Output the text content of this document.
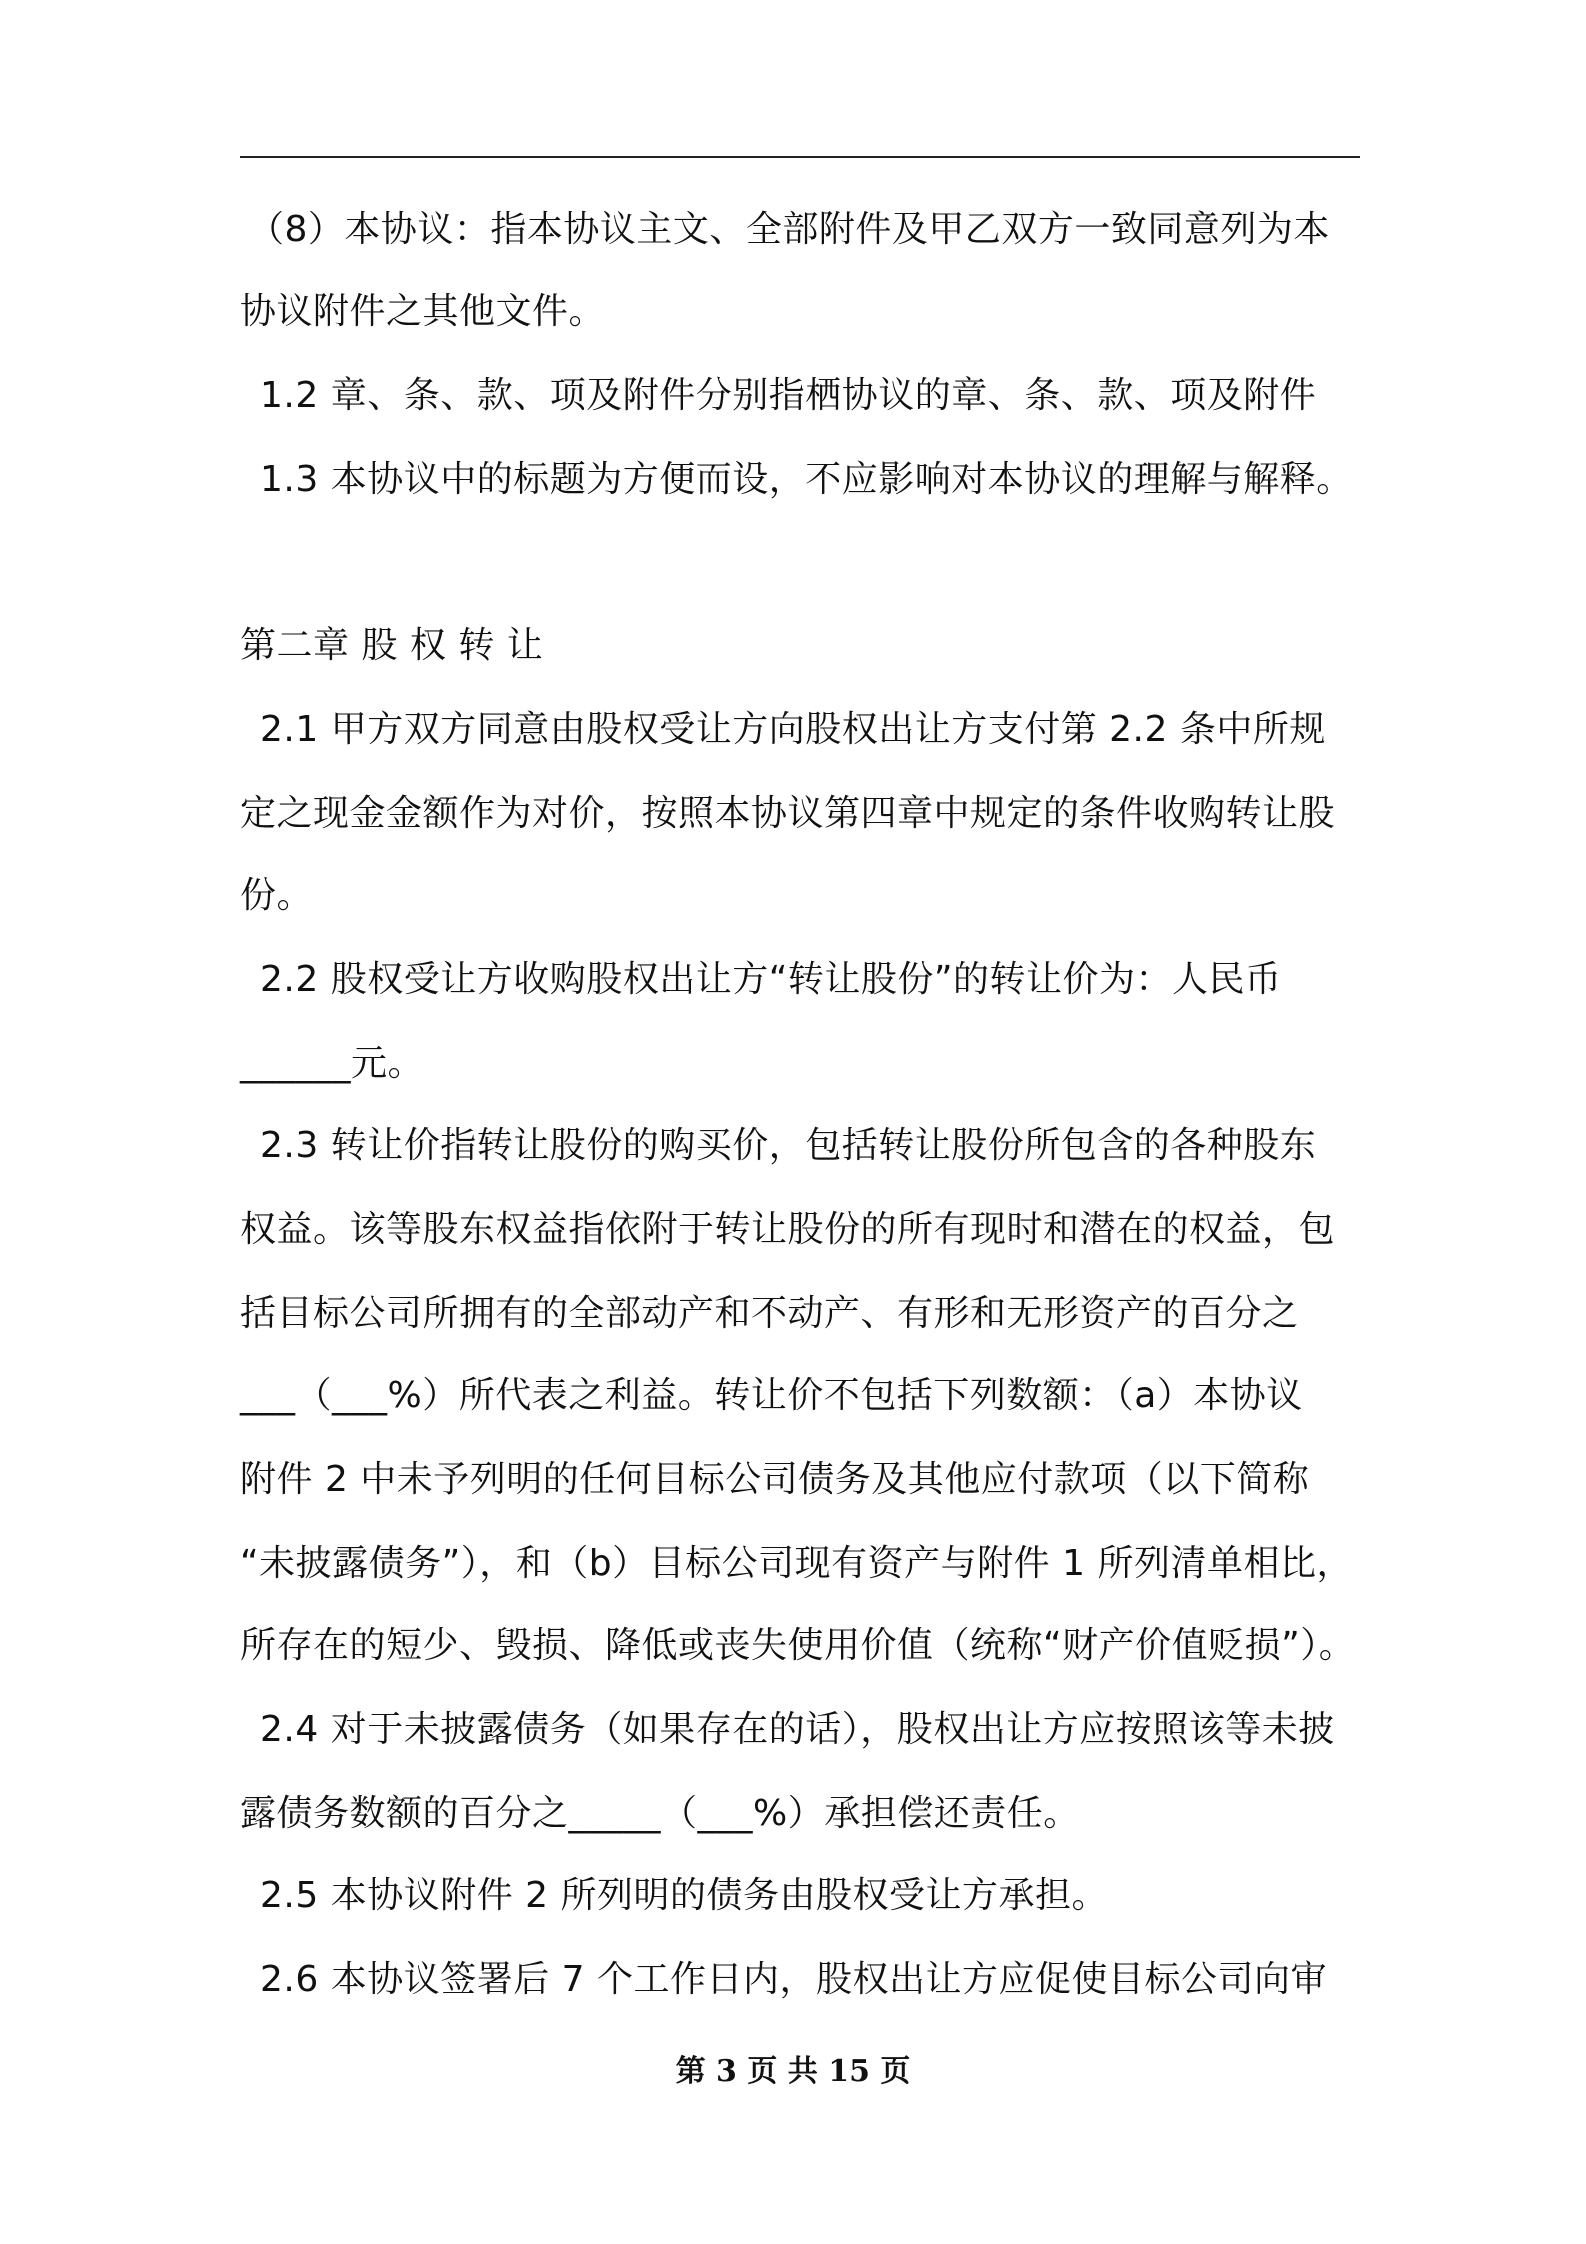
（8）本协议：指本协议主文、全部附件及甲乙双方一致同意列为本
协议附件之其他文件。
1.2 章、条、款、项及附件分别指栖协议的章、条、款、项及附件
1.3 本协议中的标题为方便而设，不应影响对本协议的理解与解释。
第二章 股 权 转 让
2.1 甲方双方同意由股权受让方向股权出让方支付第 2.2 条中所规
定之现金金额作为对价，按照本协议第四章中规定的条件收购转让股
份。
2.2 股权受让方收购股权出让方“转让股份”的转让价为：人民币
______元。
2.3 转让价指转让股份的购买价，包括转让股份所包含的各种股东
权益。该等股东权益指依附于转让股份的所有现时和潜在的权益，包
括目标公司所拥有的全部动产和不动产、有形和无形资产的百分之
___（___%）所代表之利益。转让价不包括下列数额：（a）本协议
附件 2 中未予列明的任何目标公司债务及其他应付款项（以下简称
“未披露债务”），和（b）目标公司现有资产与附件 1 所列清单相比，
所存在的短少、毁损、降低或丧失使用价值（统称“财产价值贬损”）。
2.4 对于未披露债务（如果存在的话），股权出让方应按照该等未披
露债务数额的百分之_____（___%）承担偿还责任。
2.5 本协议附件 2 所列明的债务由股权受让方承担。
2.6 本协议签署后 7 个工作日内，股权出让方应促使目标公司向审
第 3 页 共 15 页
